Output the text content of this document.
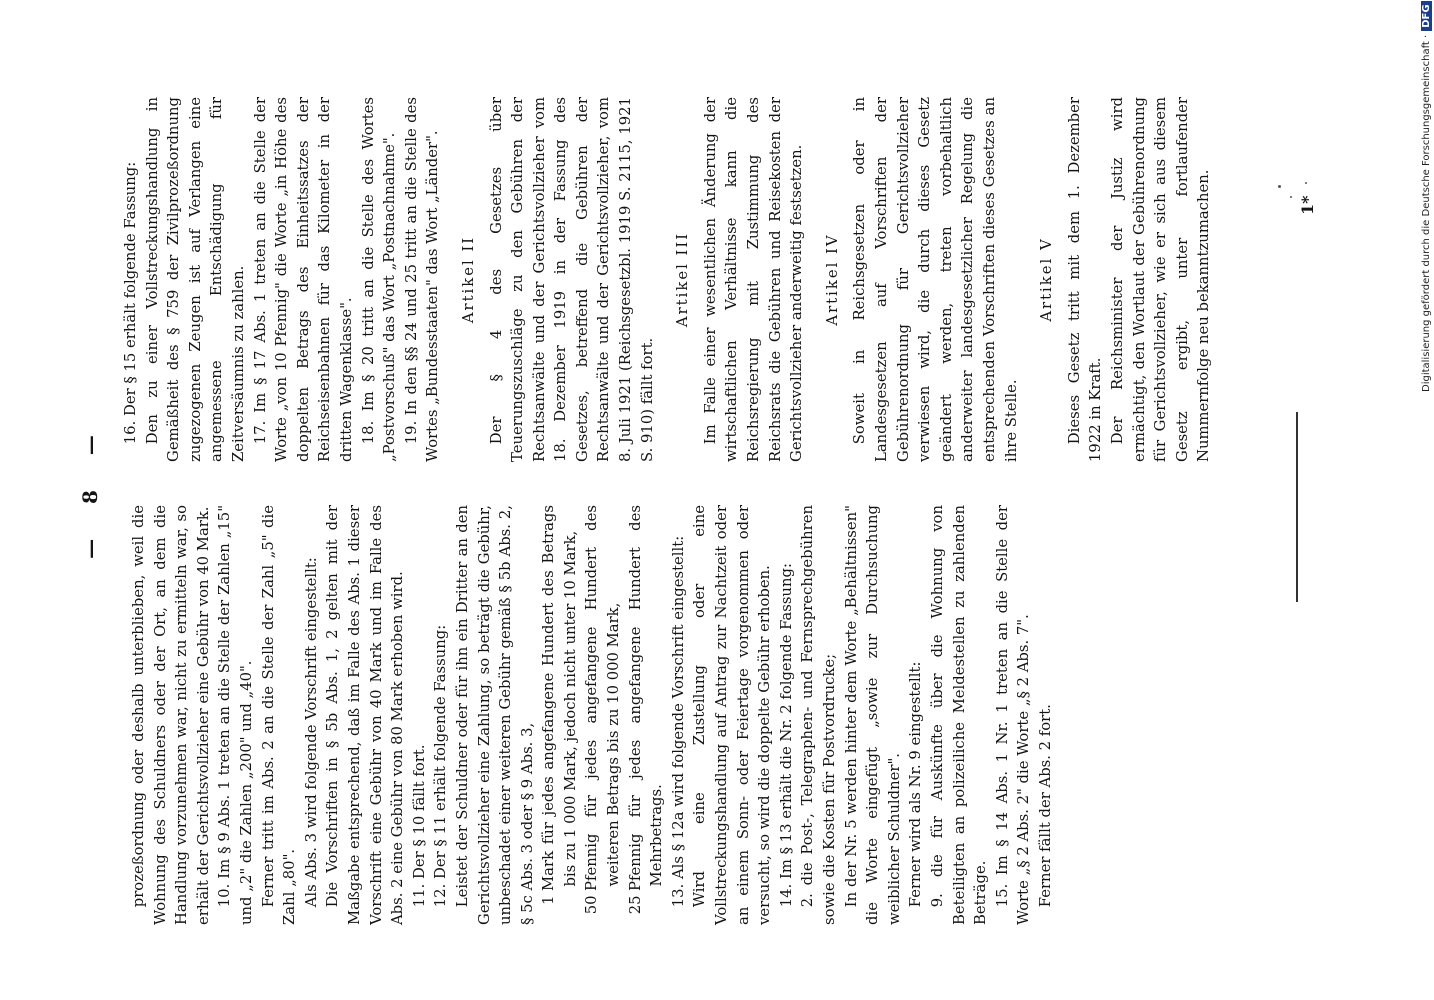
— 8 —

prozeßordnung oder deshalb unterblieben, weil die Wohnung des Schuldners oder der Ort, an dem die Handlung vorzunehmen war, nicht zu ermitteln war, so erhält der Gerichtsvollzieher eine Gebühr von 40 Mark. 10. Im § 9 Abs. 1 treten an die Stelle der Zahlen „15" und „2" die Zahlen „200" und „40". Ferner tritt im Abs. 2 an die Stelle der Zahl „5" die Zahl „80". Als Abs. 3 wird folgende Vorschrift eingestellt: Die Vorschriften in § 5b Abs. 1, 2 gelten mit der Maßgabe entsprechend, daß im Falle des Abs. 1 dieser Vorschrift eine Gebühr von 40 Mark und im Falle des Abs. 2 eine Gebühr von 80 Mark erhoben wird. 11. Der § 10 fällt fort. 12. Der § 11 erhält folgende Fassung: Leistet der Schuldner oder für ihn ein Dritter an den Gerichtsvollzieher eine Zahlung, so beträgt die Gebühr, unbeschadet einer weiteren Gebühr gemäß § 5b Abs. 2, § 5c Abs. 3 oder § 9 Abs. 3, 1Mark für jedes angefangene Hundert des Betrags bis zu 1 000 Mark, jedoch nicht unter 10 Mark,

50Pfennig für jedes angefangene Hundert des weiteren Betrags bis zu 10 000 Mark,

25Pfennig für jedes angefangene Hundert des Mehrbetrags. 13. Als § 12a wird folgende Vorschrift eingestellt: Wird eine Zustellung oder eine Vollstreckungshandlung auf Antrag zur Nachtzeit oder an einem Sonn- oder Feiertage vorgenommen oder versucht, so wird die doppelte Gebühr erhoben. 14. Im § 13 erhält die Nr. 2 folgende Fassung: 2. die Post-, Telegraphen- und Fernsprechgebühren sowie die Kosten für Postvordrucke; In der Nr. 5 werden hinter dem Worte „Behältnissen" die Worte eingefügt „sowie zur Durchsuchung weiblicher Schuldner". Ferner wird als Nr. 9 eingestellt: 9. die für Auskünfte über die Wohnung von Beteiligten an polizeiliche Meldestellen zu zahlenden Beträge. 15. Im § 14 Abs. 1 Nr. 1 treten an die Stelle der Worte „§ 2 Abs. 2" die Worte „§ 2 Abs. 7". Ferner fällt der Abs. 2 fort.

16. Der § 15 erhält folgende Fassung: Den zu einer Vollstreckungshandlung in Gemäßheit des § 759 der Zivilprozeßordnung zugezogenen Zeugen ist auf Verlangen eine angemessene Entschädigung für Zeitversäumnis zu zahlen. 17. Im § 17 Abs. 1 treten an die Stelle der Worte „von 10 Pfennig" die Worte „in Höhe des doppelten Betrags des Einheitssatzes der Reichseisenbahnen für das Kilometer in der dritten Wagenklasse". 18. Im § 20 tritt an die Stelle des Wortes „Postvorschuß" das Wort „Postnachnahme". 19. In den §§ 24 und 25 tritt an die Stelle des Wortes „Bundesstaaten" das Wort „Länder". Artikel II Der § 4 des Gesetzes über Teuerungszuschläge zu den Gebühren der Rechtsanwälte und der Gerichtsvollzieher vom 18. Dezember 1919 in der Fassung des Gesetzes, betreffend die Gebühren der Rechtsanwälte und der Gerichtsvollzieher, vom 8. Juli 1921 (Reichsgesetzbl. 1919 S. 2115, 1921 S. 910) fällt fort.

Artikel III Im Falle einer wesentlichen Änderung der wirtschaftlichen Verhältnisse kann die Reichsregierung mit Zustimmung des Reichsrats die Gebühren und Reisekosten der Gerichtsvollzieher anderweitig festsetzen. Artikel IV Soweit in Reichsgesetzen oder in Landesgesetzen auf Vorschriften der Gebührenordnung für Gerichtsvollzieher verwiesen wird, die durch dieses Gesetz geändert werden, treten vorbehaltlich anderweiter landesgesetzlicher Regelung die entsprechenden Vorschriften dieses Gesetzes an ihre Stelle.

Artikel V Dieses Gesetz tritt mit dem 1. Dezember 1922 in Kraft. Der Reichsminister der Justiz wird ermächtigt, den Wortlaut der Gebührenordnung für Gerichtsvollzieher, wie er sich aus diesem Gesetz ergibt, unter fortlaufender Nummernfolge neu bekanntzumachen.	1*	Digitalisierung gefördert durch die Deutsche Forschungsgemeinschaft ·DFG
